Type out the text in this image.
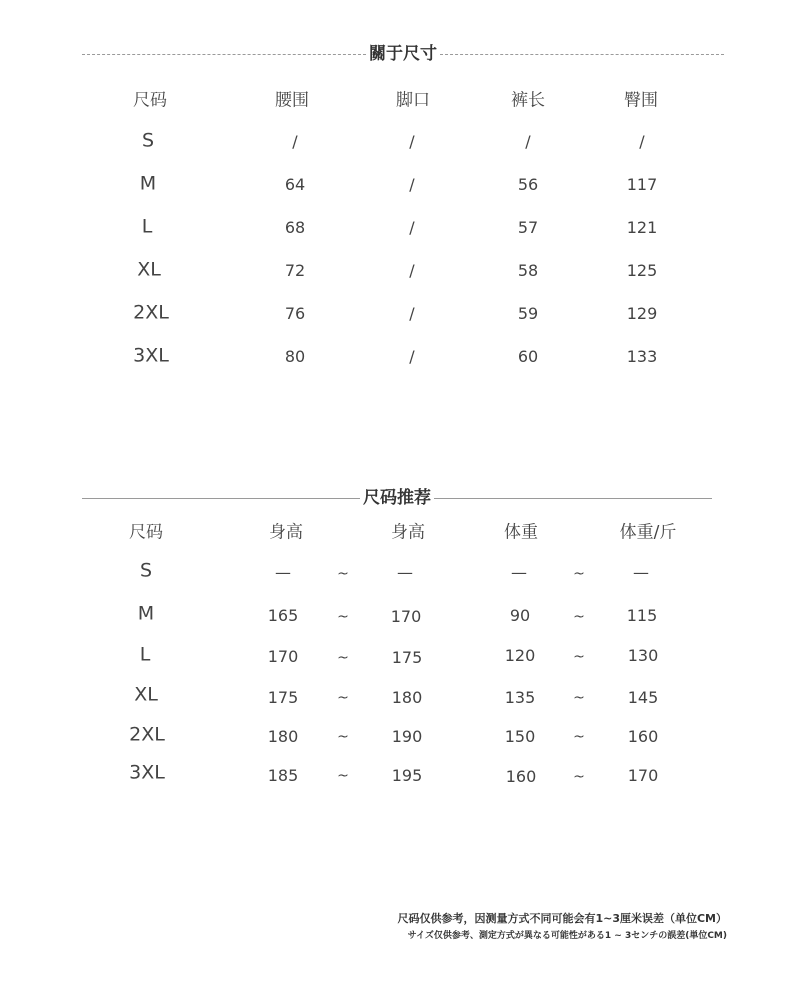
關于尺寸
尺码	腰围	脚口	裤长	臀围
S	/	/	/	/
M	64	/	56	117
L	68	/	57	121
XL	72	/	58	125
2XL	76	/	59	129
3XL	80	/	60	133
尺码推荐
尺码	身高	身高	体重	体重/斤
S	—	~	—	—	~	—
M	165	~	170	90	~	115
L	170	~	175	120	~	130
XL	175	~	180	135	~	145
2XL	180	~	190	150	~	160
3XL	185	~	195	160	~	170
尺码仅供参考，因测量方式不同可能会有1~3厘米误差（单位CM）
サイズ仅供参考、測定方式が異なる可能性がある1 ~ 3センチの誤差(単位CM)
